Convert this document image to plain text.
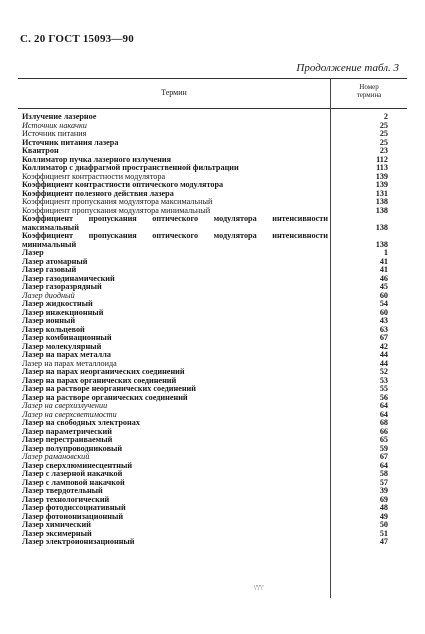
С. 20 ГОСТ 15093—90
Продолжение табл. 3
Термин
Номер
термина
Излучение лазерное	2
Источник накачки	25
Источник питания	25
Источник питания лазера	25
Квантрон	23
Коллиматор пучка лазерного излучения	112
Коллиматор с диафрагмой пространственной фильтрации	113
Коэффициент контрастности модулятора	139
Коэффициент контрастности оптического модулятора	139
Коэффициент полезного действия лазера	131
Коэффициент пропускания модулятора максимальный	138
Коэффициент пропускания модулятора минимальный	138
Коэффициент пропускания оптического модулятора интенсивности максимальный	138
Коэффициент пропускания оптического модулятора интенсивности минимальный	138
Лазер	1
Лазер атомарный	41
Лазер газовый	41
Лазер газодинамический	46
Лазер газоразрядный	45
Лазер диодный	60
Лазер жидкостный	54
Лазер инжекционный	60
Лазер ионный	43
Лазер кольцевой	63
Лазер комбинационный	67
Лазер молекулярный	42
Лазер на парах металла	44
Лазер на парах металлоида	44
Лазер на парах неорганических соединений	52
Лазер на парах органических соединений	53
Лазер на растворе неорганических соединений	55
Лазер на растворе органических соединений	56
Лазер на сверхизлучении	64
Лазер на сверхсветимости	64
Лазер на свободных электронах	68
Лазер параметрический	66
Лазер перестраиваемый	65
Лазер полупроводниковый	59
Лазер рамановский	67
Лазер сверхлюминесцентный	64
Лазер с лазерной накачкой	58
Лазер с ламповой накачкой	57
Лазер твердотельный	39
Лазер технологический	69
Лазер фотодиссоциативный	48
Лазер фотоионизационный	49
Лазер химический	50
Лазер эксимерный	51
Лазер электроионизационный	47
\'\'\'
